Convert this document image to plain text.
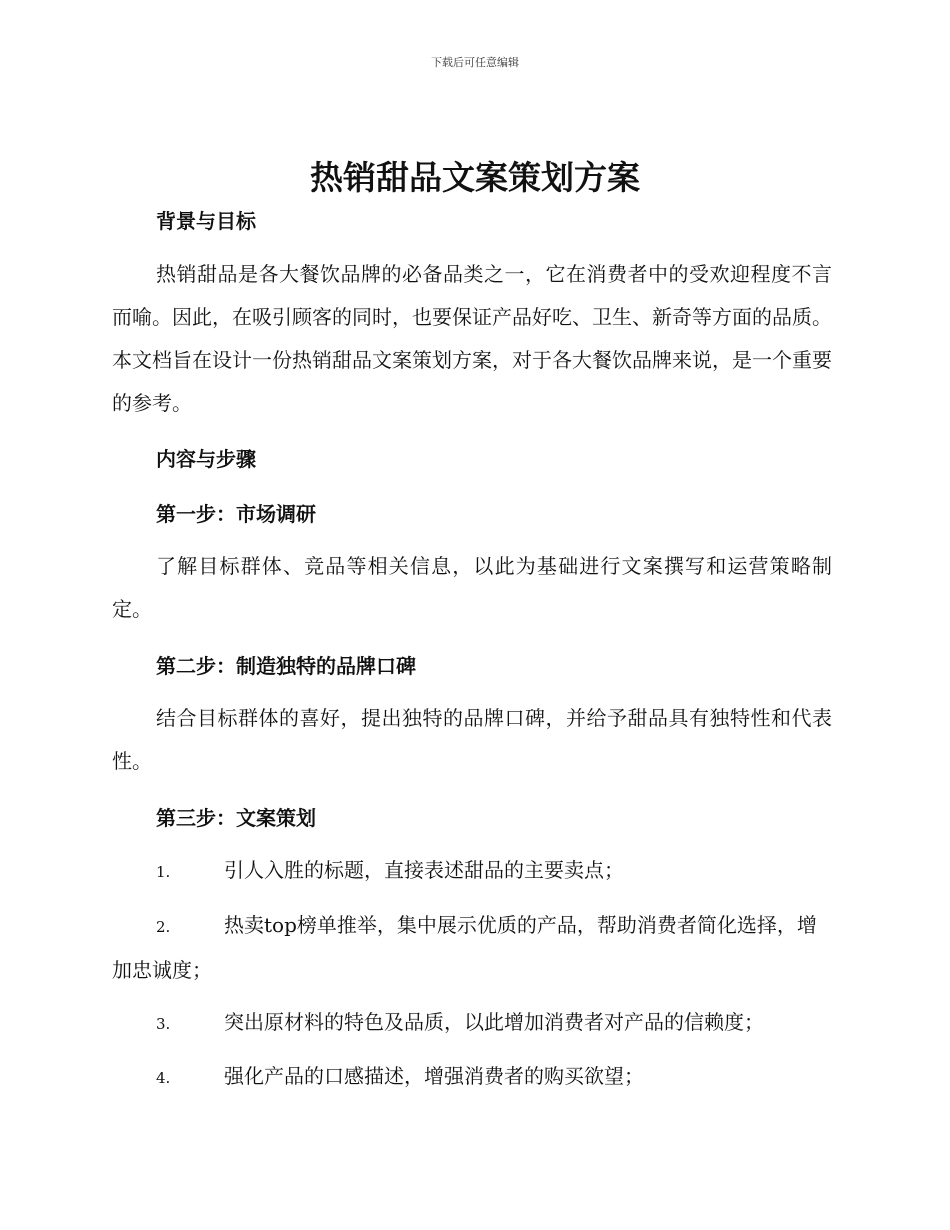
下载后可任意编辑
热销甜品文案策划方案
背景与目标
热销甜品是各大餐饮品牌的必备品类之一，它在消费者中的受欢迎程度不言而喻。因此，在吸引顾客的同时，也要保证产品好吃、卫生、新奇等方面的品质。本文档旨在设计一份热销甜品文案策划方案，对于各大餐饮品牌来说，是一个重要的参考。
内容与步骤
第一步：市场调研
了解目标群体、竞品等相关信息，以此为基础进行文案撰写和运营策略制定。
第二步：制造独特的品牌口碑
结合目标群体的喜好，提出独特的品牌口碑，并给予甜品具有独特性和代表性。
第三步：文案策划
1.	引人入胜的标题，直接表述甜品的主要卖点；
2.	热卖top榜单推举，集中展示优质的产品，帮助消费者简化选择，增加忠诚度；
3.	突出原材料的特色及品质，以此增加消费者对产品的信赖度；
4.	强化产品的口感描述，增强消费者的购买欲望；
